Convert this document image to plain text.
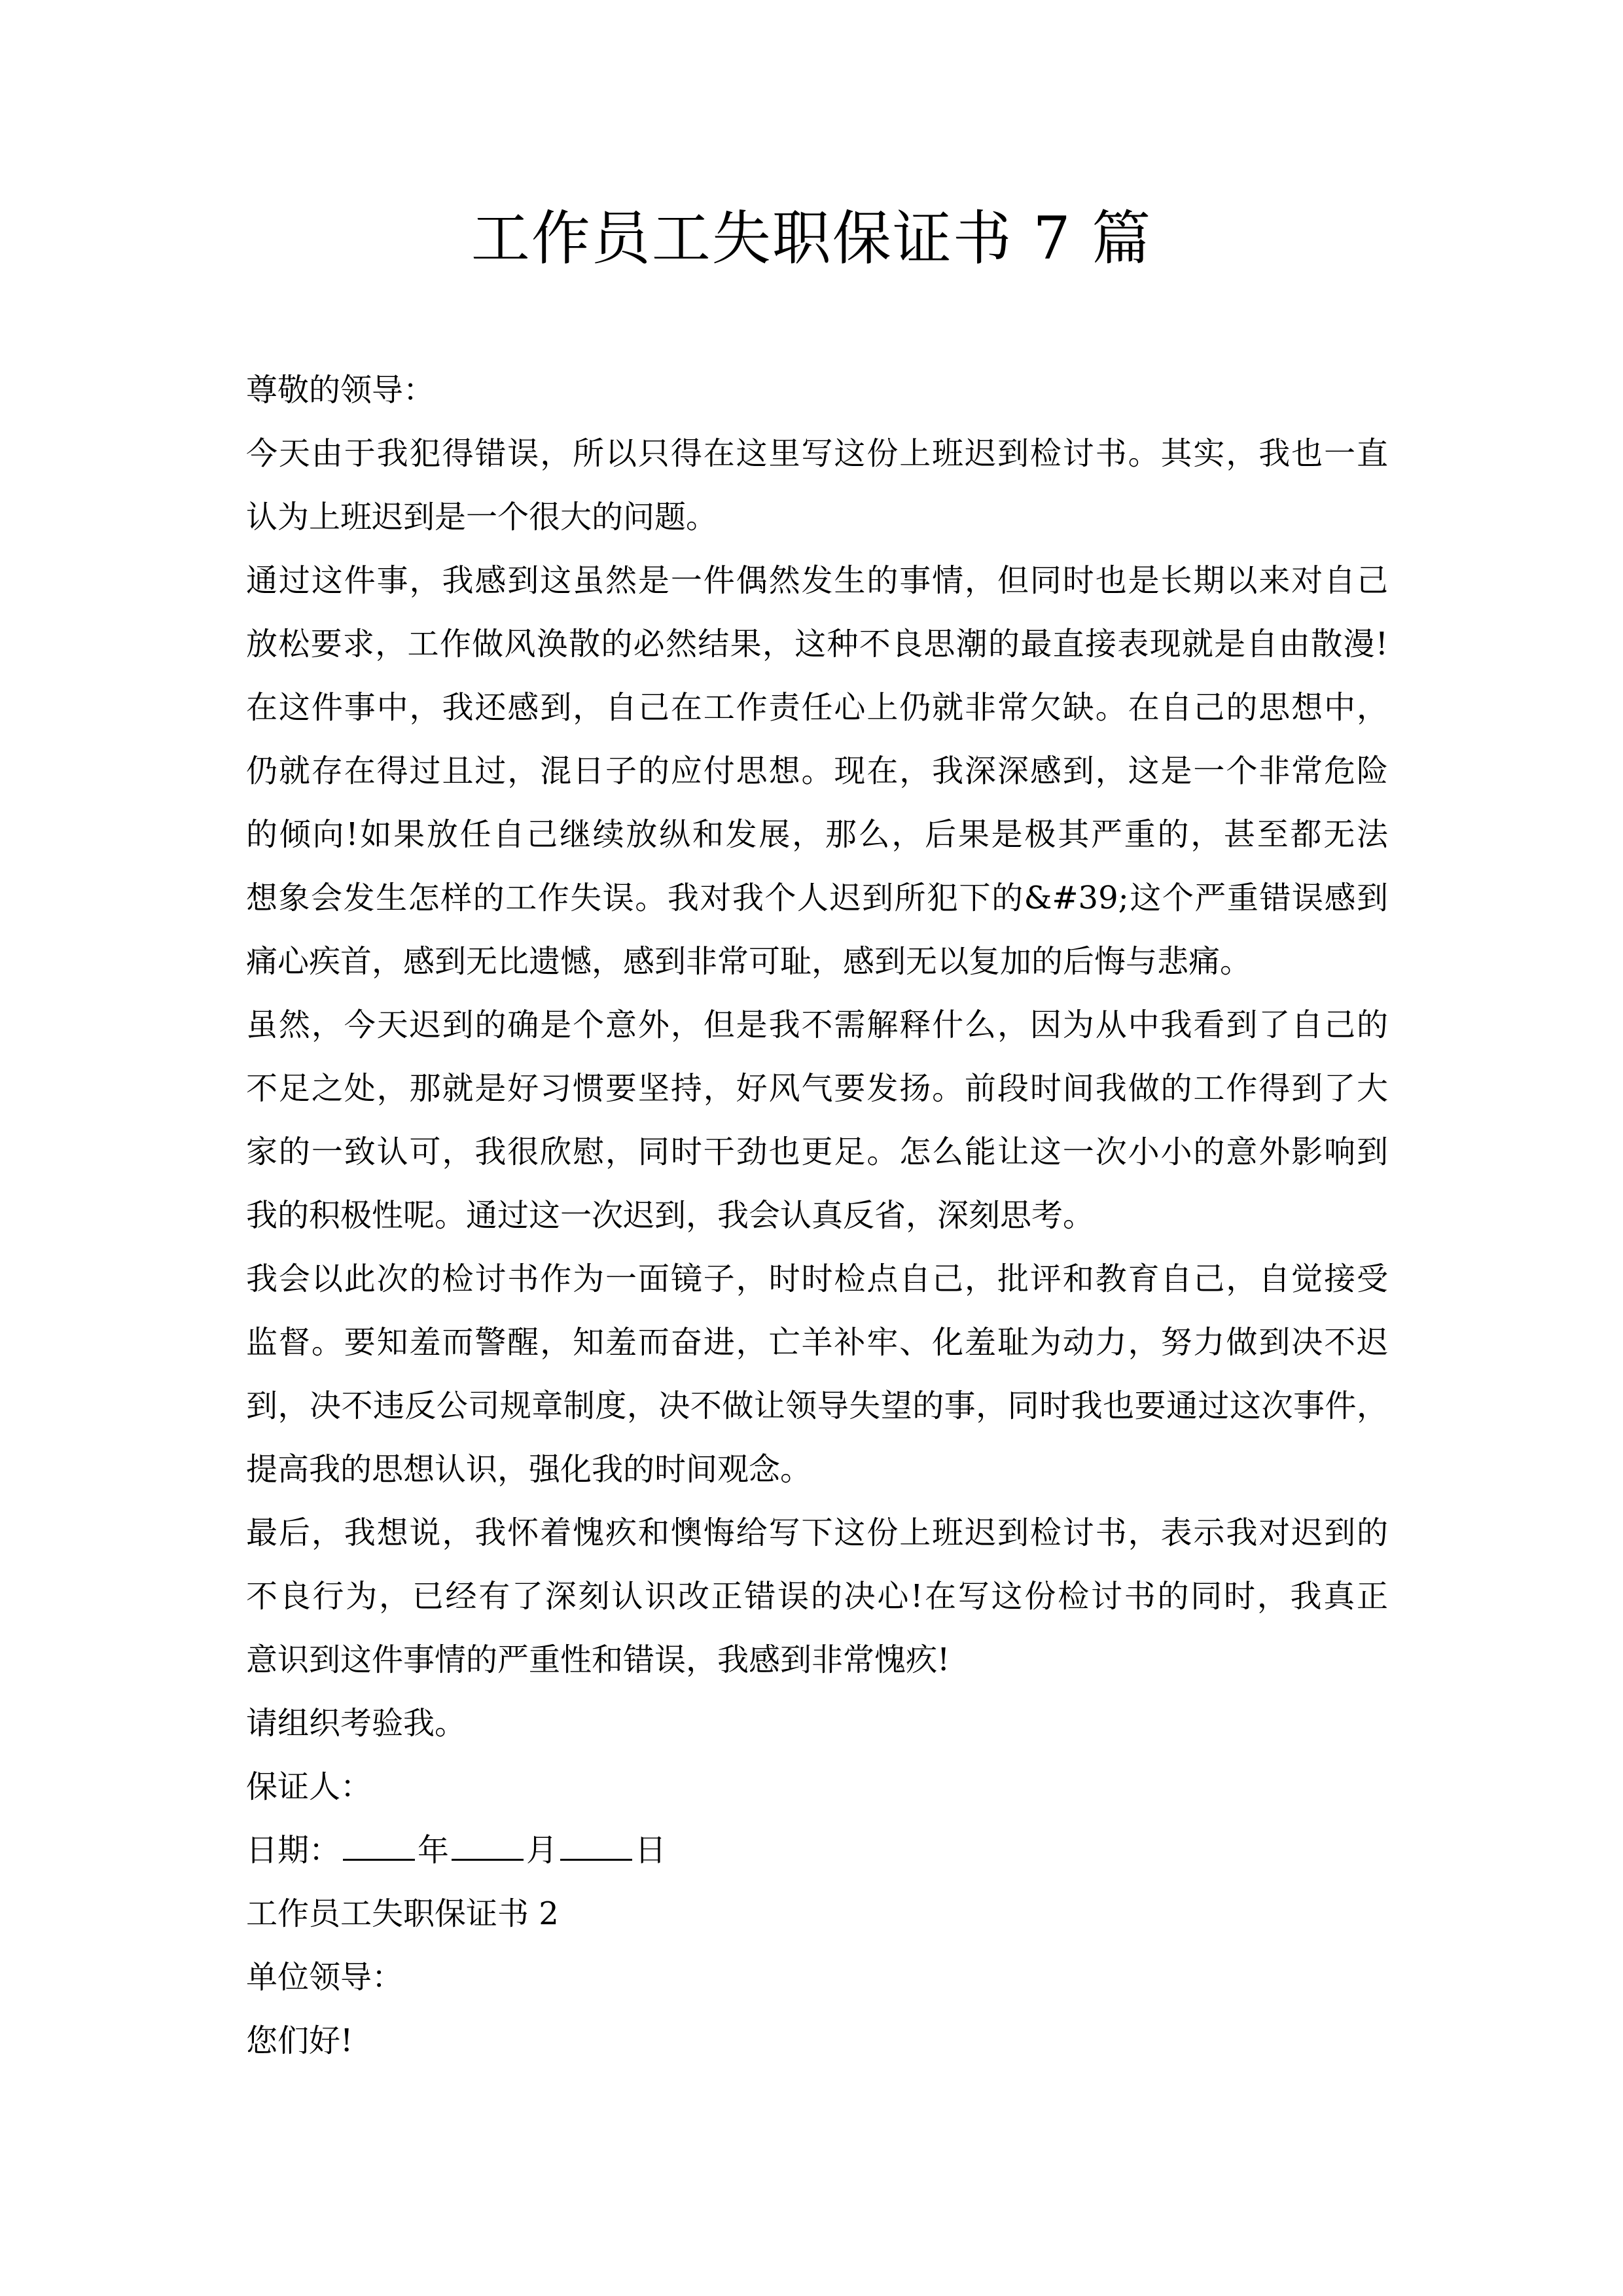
工作员工失职保证书 7 篇
尊敬的领导：
今天由于我犯得错误，所以只得在这里写这份上班迟到检讨书。其实，我也一直
认为上班迟到是一个很大的问题。
通过这件事，我感到这虽然是一件偶然发生的事情，但同时也是长期以来对自己
放松要求，工作做风涣散的必然结果，这种不良思潮的最直接表现就是自由散漫!
在这件事中，我还感到，自己在工作责任心上仍就非常欠缺。在自己的思想中，
仍就存在得过且过，混日子的应付思想。现在，我深深感到，这是一个非常危险
的倾向!如果放任自己继续放纵和发展，那么，后果是极其严重的，甚至都无法
想象会发生怎样的工作失误。我对我个人迟到所犯下的&#39;这个严重错误感到
痛心疾首，感到无比遗憾，感到非常可耻，感到无以复加的后悔与悲痛。
虽然，今天迟到的确是个意外，但是我不需解释什么，因为从中我看到了自己的
不足之处，那就是好习惯要坚持，好风气要发扬。前段时间我做的工作得到了大
家的一致认可，我很欣慰，同时干劲也更足。怎么能让这一次小小的意外影响到
我的积极性呢。通过这一次迟到，我会认真反省，深刻思考。
我会以此次的检讨书作为一面镜子，时时检点自己，批评和教育自己，自觉接受
监督。要知羞而警醒，知羞而奋进，亡羊补牢、化羞耻为动力，努力做到决不迟
到，决不违反公司规章制度，决不做让领导失望的事，同时我也要通过这次事件，
提高我的思想认识，强化我的时间观念。
最后，我想说，我怀着愧疚和懊悔给写下这份上班迟到检讨书，表示我对迟到的
不良行为，已经有了深刻认识改正错误的决心!在写这份检讨书的同时，我真正
意识到这件事情的严重性和错误，我感到非常愧疚!
请组织考验我。
保证人：
日期： 年 月 日
工作员工失职保证书 2
单位领导：
您们好!
